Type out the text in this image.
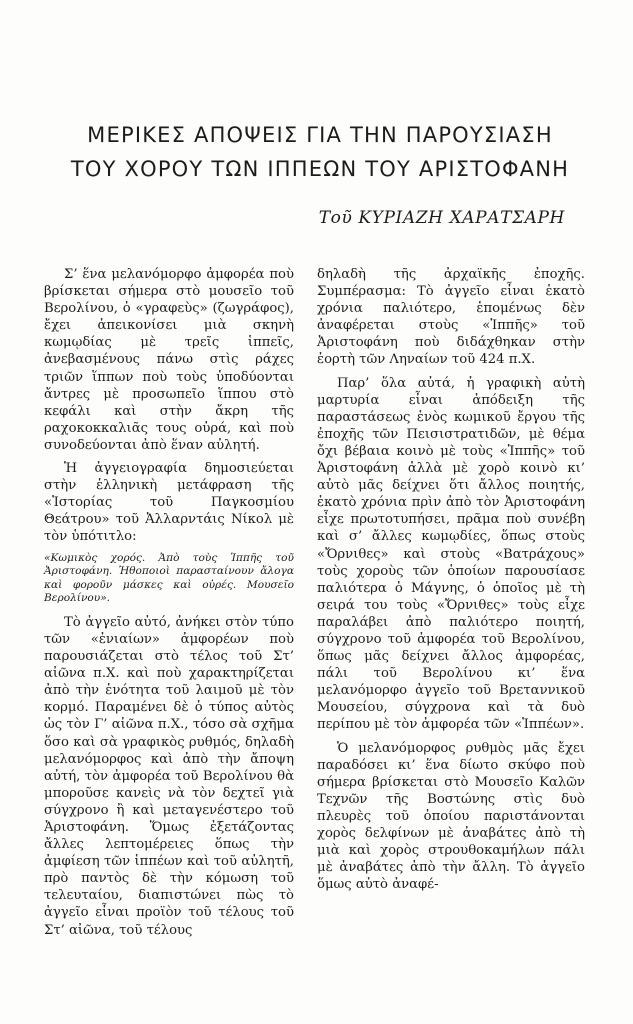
ΜΕΡΙΚΕΣ ΑΠΟΨΕΙΣ ΓΙΑ ΤΗΝ ΠΑΡΟΥΣΙΑΣΗ
ΤΟΥ ΧΟΡΟΥ ΤΩΝ ΙΠΠΕΩΝ ΤΟΥ ΑΡΙΣΤΟΦΑΝΗ
Τοῦ ΚΥΡΙΑΖΗ ΧΑΡΑΤΣΑΡΗ

Σ’ ἕνα μελανόμορφο ἀμφορέα ποὺ βρίσκεται σήμερα στὸ μουσεῖο τοῦ Βερολίνου, ὁ «γραφεὺς» (ζωγράφος), ἔχει ἀπεικονίσει μιὰ σκηνὴ κωμῳδίας μὲ τρεῖς ἱππεῖς, ἀνεβασμένους πάνω στὶς ράχες τριῶν ἵππων ποὺ τοὺς ὑποδύονται ἄντρες μὲ προσωπεῖο ἵππου στὸ κεφάλι καὶ στὴν ἄκρη τῆς ραχοκοκκαλιᾶς τους οὐρά, καὶ ποὺ συνοδεύονται ἀπὸ ἕναν αὐλητή.

Ἡ ἀγγειογραφία δημοσιεύεται στὴν ἑλληνικὴ μετάφραση τῆς «Ἱστορίας τοῦ Παγκοσμίου Θεάτρου» τοῦ Ἀλλαρντάις Νίκολ μὲ τὸν ὑπότιτλο:

«Κωμικὸς χορός. Ἀπὸ τοὺς Ἱππῆς τοῦ Ἀριστοφάνη. Ἠθοποιοὶ παρασταίνουν ἄλογα καὶ φοροῦν μάσκες καὶ οὐρές. Μουσεῖο Βερολίνου».

Τὸ ἀγγεῖο αὐτό, ἀνήκει στὸν τύπο τῶν «ἐνιαίων» ἀμφορέων ποὺ παρουσιάζεται στὸ τέλος τοῦ Στ’ αἰῶνα π.Χ. καὶ ποὺ χαρακτηρίζεται ἀπὸ τὴν ἑνότητα τοῦ λαιμοῦ μὲ τὸν κορμό. Παραμένει δὲ ὁ τύπος αὐτὸς ὡς τὸν Γ’ αἰῶνα π.Χ., τόσο σὰ σχῆμα ὅσο καὶ σὰ γραφικὸς ρυθμός, δηλαδὴ μελανόμορφος καὶ ἀπὸ τὴν ἄποψη αὐτή, τὸν ἀμφορέα τοῦ Βερολίνου θὰ μποροῦσε κανεὶς νὰ τὸν δεχτεῖ γιὰ σύγχρονο ἢ καὶ μεταγενέστερο τοῦ Ἀριστοφάνη. Ὅμως ἐξετάζοντας ἄλλες λεπτομέρειες ὅπως τὴν ἀμφίεση τῶν ἱππέων καὶ τοῦ αὐλητῆ, πρὸ παντὸς δὲ τὴν κόμωση τοῦ τελευταίου, διαπιστώνει πὼς τὸ ἀγγεῖο εἶναι προϊὸν τοῦ τέλους τοῦ Στ’ αἰῶνα, τοῦ τέλους

δηλαδὴ τῆς ἀρχαϊκῆς ἐποχῆς. Συμπέρασμα: Τὸ ἀγγεῖο εἶναι ἑκατὸ χρόνια παλιότερο, ἑπομένως δὲν ἀναφέρεται στοὺς «Ἱππῆς» τοῦ Ἀριστοφάνη ποὺ διδάχθηκαν στὴν ἑορτὴ τῶν Ληναίων τοῦ 424 π.Χ.

Παρ’ ὅλα αὐτά, ἡ γραφικὴ αὐτὴ μαρτυρία εἶναι ἀπόδειξη τῆς παραστάσεως ἑνὸς κωμικοῦ ἔργου τῆς ἐποχῆς τῶν Πεισιστρατιδῶν, μὲ θέμα ὄχι βέβαια κοινὸ μὲ τοὺς «Ἱππῆς» τοῦ Ἀριστοφάνη ἀλλὰ μὲ χορὸ κοινὸ κι’ αὐτὸ μᾶς δείχνει ὅτι ἄλλος ποιητής, ἑκατὸ χρόνια πρὶν ἀπὸ τὸν Ἀριστοφάνη εἶχε πρωτοτυπήσει, πρᾶμα ποὺ συνέβη καὶ σ’ ἄλλες κωμῳδίες, ὅπως στοὺς «Ὄρνιθες» καὶ στοὺς «Βατράχους» τοὺς χοροὺς τῶν ὁποίων παρουσίασε παλιότερα ὁ Μάγνης, ὁ ὁποῖος μὲ τὴ σειρά του τοὺς «Ὄρνιθες» τοὺς εἶχε παραλάβει ἀπὸ παλιότερο ποιητή, σύγχρονο τοῦ ἀμφορέα τοῦ Βερολίνου, ὅπως μᾶς δείχνει ἄλλος ἀμφορέας, πάλι τοῦ Βερολίνου κι’ ἕνα μελανόμορφο ἀγγεῖο τοῦ Βρεταννικοῦ Μουσείου, σύγχρονα καὶ τὰ δυὸ περίπου μὲ τὸν ἀμφορέα τῶν «Ἱππέων».

Ὁ μελανόμορφος ρυθμὸς μᾶς ἔχει παραδόσει κι’ ἕνα δίωτο σκύφο ποὺ σήμερα βρίσκεται στὸ Μουσεῖο Καλῶν Τεχνῶν τῆς Βοστώνης στὶς δυὸ πλευρὲς τοῦ ὁποίου παριστάνονται χορὸς δελφίνων μὲ ἀναβάτες ἀπὸ τὴ μιὰ καὶ χορὸς στρουθοκαμήλων πάλι μὲ ἀναβάτες ἀπὸ τὴν ἄλλη. Τὸ ἀγγεῖο ὅμως αὐτὸ ἀναφέ-
